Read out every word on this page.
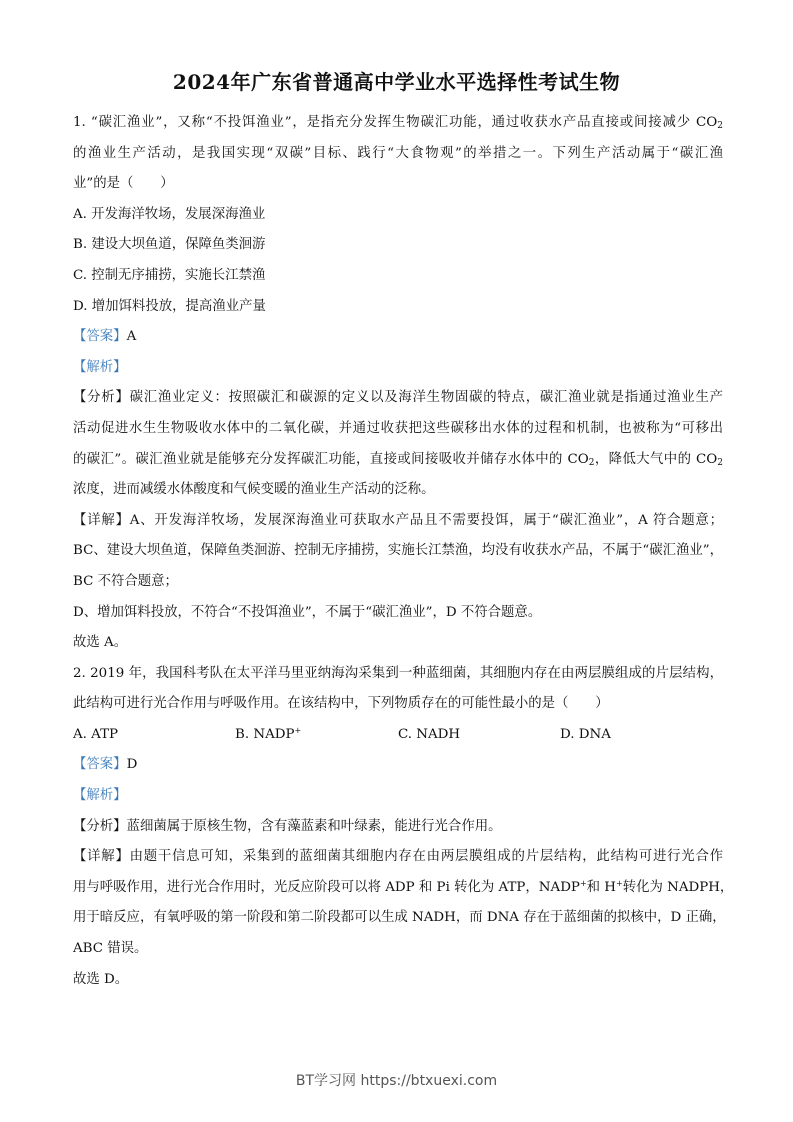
2024年广东省普通高中学业水平选择性考试生物
1. “碳汇渔业”，又称“不投饵渔业”，是指充分发挥生物碳汇功能，通过收获水产品直接或间接减少 $CO_2$
的渔业生产活动，是我国实现“双碳”目标、践行“大食物观”的举措之一。下列生产活动属于“碳汇渔
业”的是（　　）
A. 开发海洋牧场，发展深海渔业
B. 建设大坝鱼道，保障鱼类洄游
C. 控制无序捕捞，实施长江禁渔
D. 增加饵料投放，提高渔业产量
【答案】A
【解析】
【分析】碳汇渔业定义：按照碳汇和碳源的定义以及海洋生物固碳的特点，碳汇渔业就是指通过渔业生产
活动促进水生生物吸收水体中的二氧化碳，并通过收获把这些碳移出水体的过程和机制，也被称为“可移出
的碳汇”。碳汇渔业就是能够充分发挥碳汇功能，直接或间接吸收并储存水体中的 $CO_2$，降低大气中的 $CO_2$
浓度，进而减缓水体酸度和气候变暖的渔业生产活动的泛称。
【详解】A、开发海洋牧场，发展深海渔业可获取水产品且不需要投饵，属于“碳汇渔业”，A 符合题意；
BC、建设大坝鱼道，保障鱼类洄游、控制无序捕捞，实施长江禁渔，均没有收获水产品，不属于“碳汇渔业”，
BC 不符合题意；
D、增加饵料投放，不符合“不投饵渔业”，不属于“碳汇渔业”，D 不符合题意。
故选 A。
2. 2019 年，我国科考队在太平洋马里亚纳海沟采集到一种蓝细菌，其细胞内存在由两层膜组成的片层结构，
此结构可进行光合作用与呼吸作用。在该结构中，下列物质存在的可能性最小的是（　　）
A. ATP	B. NADP+	C. NADH	D. DNA
【答案】D
【解析】
【分析】蓝细菌属于原核生物，含有藻蓝素和叶绿素，能进行光合作用。
【详解】由题干信息可知，采集到的蓝细菌其细胞内存在由两层膜组成的片层结构，此结构可进行光合作
用与呼吸作用，进行光合作用时，光反应阶段可以将 ADP 和 Pi 转化为 ATP，NADP+和 H+转化为 NADPH，
用于暗反应，有氧呼吸的第一阶段和第二阶段都可以生成 NADH，而 DNA 存在于蓝细菌的拟核中，D 正确，
ABC 错误。
故选 D。
BT学习网 https://btxuexi.com
